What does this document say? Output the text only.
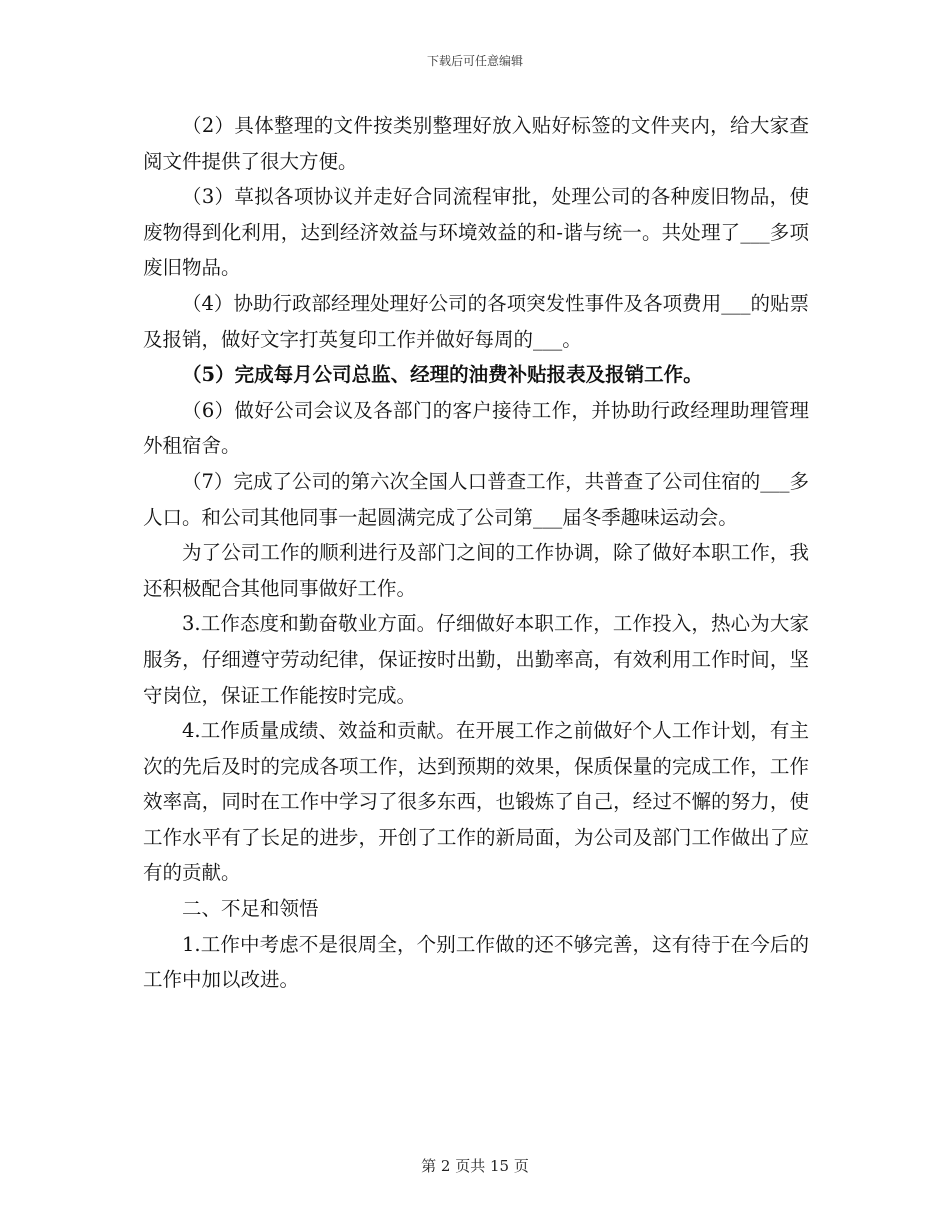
下载后可任意编辑

（2）具体整理的文件按类别整理好放入贴好标签的文件夹内，给大家查阅文件提供了很大方便。

（3）草拟各项协议并走好合同流程审批，处理公司的各种废旧物品，使废物得到化利用，达到经济效益与环境效益的和-谐与统一。共处理了___多项废旧物品。

（4）协助行政部经理处理好公司的各项突发性事件及各项费用___的贴票及报销，做好文字打英复印工作并做好每周的___。

（5）完成每月公司总监、经理的油费补贴报表及报销工作。

（6）做好公司会议及各部门的客户接待工作，并协助行政经理助理管理外租宿舍。

（7）完成了公司的第六次全国人口普查工作，共普查了公司住宿的___多人口。和公司其他同事一起圆满完成了公司第___届冬季趣味运动会。

为了公司工作的顺利进行及部门之间的工作协调，除了做好本职工作，我还积极配合其他同事做好工作。

3.工作态度和勤奋敬业方面。仔细做好本职工作，工作投入，热心为大家服务，仔细遵守劳动纪律，保证按时出勤，出勤率高，有效利用工作时间，坚守岗位，保证工作能按时完成。

4.工作质量成绩、效益和贡献。在开展工作之前做好个人工作计划，有主次的先后及时的完成各项工作，达到预期的效果，保质保量的完成工作，工作效率高，同时在工作中学习了很多东西，也锻炼了自己，经过不懈的努力，使工作水平有了长足的进步，开创了工作的新局面，为公司及部门工作做出了应有的贡献。

二、不足和领悟

1.工作中考虑不是很周全，个别工作做的还不够完善，这有待于在今后的工作中加以改进。

第 2 页共 15 页
